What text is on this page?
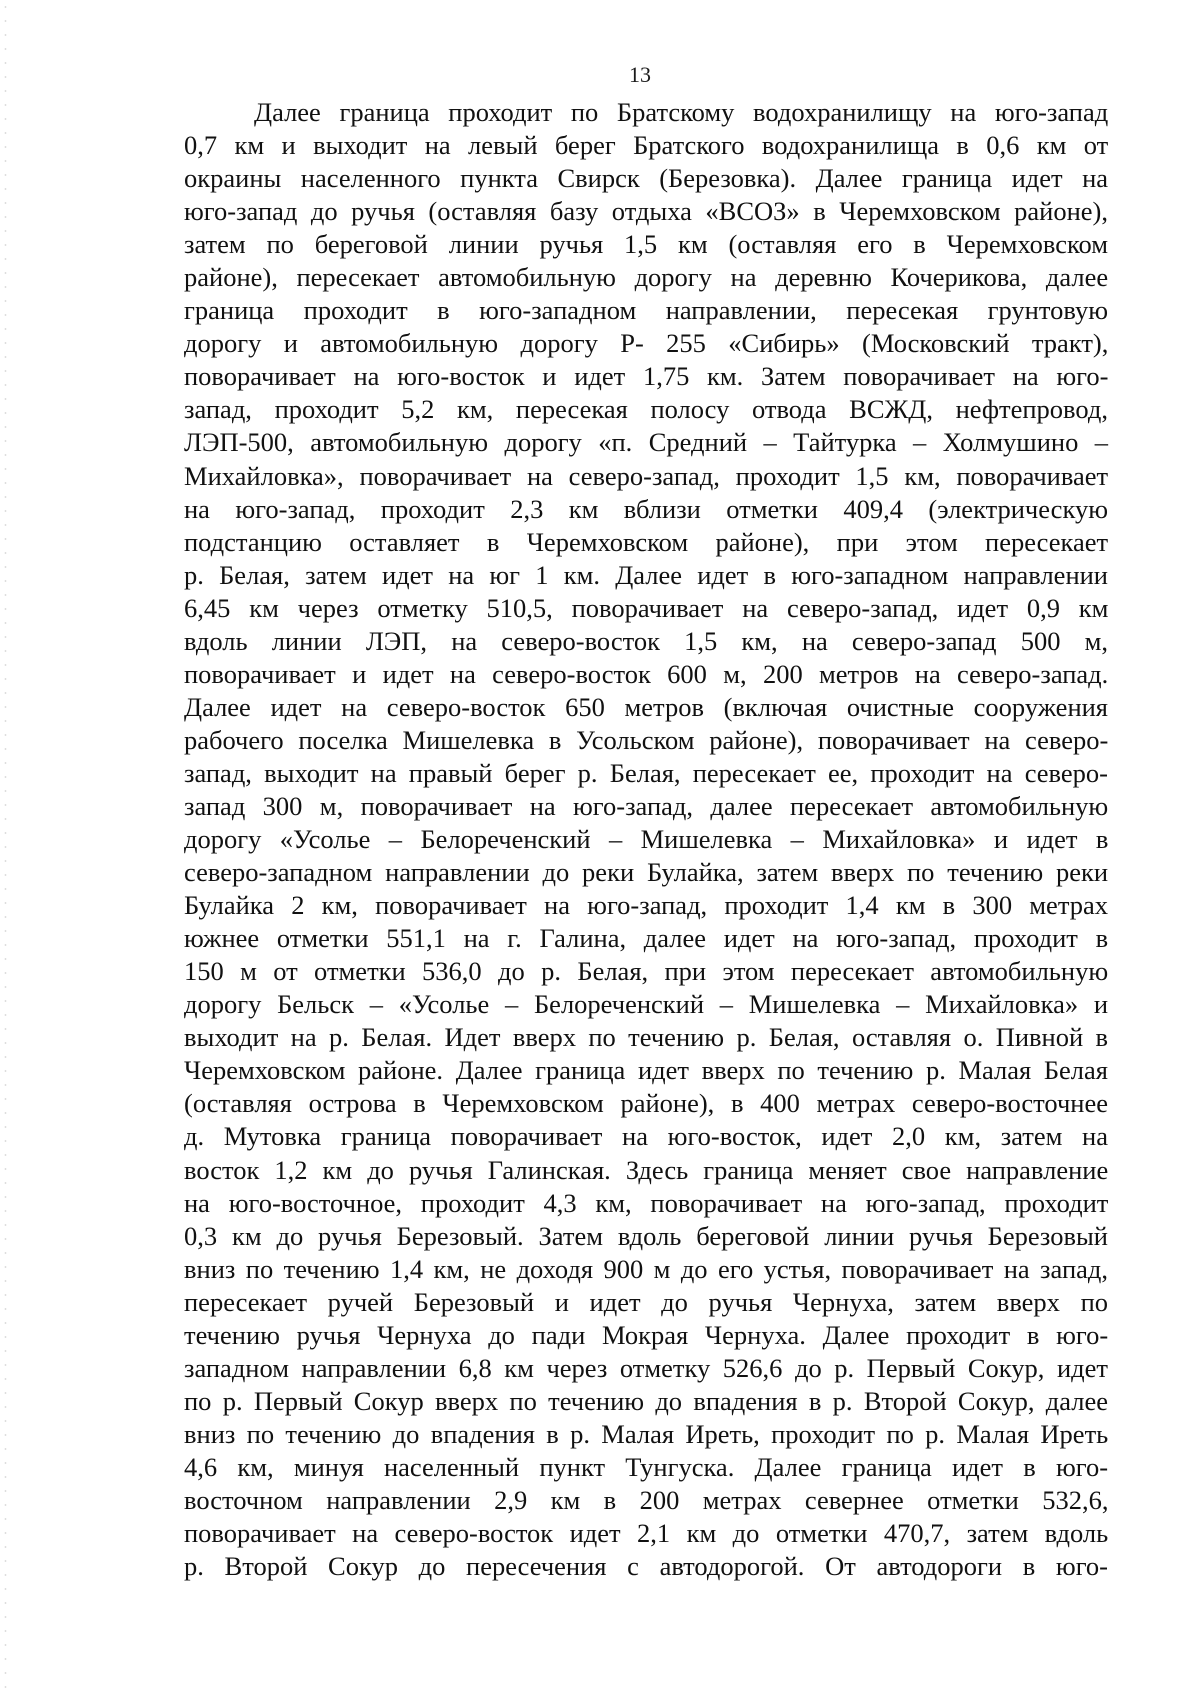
13
Далее граница проходит по Братскому водохранилищу на юго-запад
0,7 км и выходит на левый берег Братского водохранилища в 0,6 км от
окраины населенного пункта Свирск (Березовка). Далее граница идет на
юго-запад до ручья (оставляя базу отдыха «ВСОЗ» в Черемховском районе),
затем по береговой линии ручья 1,5 км (оставляя его в Черемховском
районе), пересекает автомобильную дорогу на деревню Кочерикова, далее
граница проходит в юго-западном направлении, пересекая грунтовую
дорогу и автомобильную дорогу Р- 255 «Сибирь» (Московский тракт),
поворачивает на юго-восток и идет 1,75 км. Затем поворачивает на юго-
запад, проходит 5,2 км, пересекая полосу отвода ВСЖД, нефтепровод,
ЛЭП-500, автомобильную дорогу «п. Средний – Тайтурка – Холмушино –
Михайловка», поворачивает на северо-запад, проходит 1,5 км, поворачивает
на юго-запад, проходит 2,3 км вблизи отметки 409,4 (электрическую
подстанцию оставляет в Черемховском районе), при этом пересекает
р. Белая, затем идет на юг 1 км. Далее идет в юго-западном направлении
6,45 км через отметку 510,5, поворачивает на северо-запад, идет 0,9 км
вдоль линии ЛЭП, на северо-восток 1,5 км, на северо-запад 500 м,
поворачивает и идет на северо-восток 600 м, 200 метров на северо-запад.
Далее идет на северо-восток 650 метров (включая очистные сооружения
рабочего поселка Мишелевка в Усольском районе), поворачивает на северо-
запад, выходит на правый берег р. Белая, пересекает ее, проходит на северо-
запад 300 м, поворачивает на юго-запад, далее пересекает автомобильную
дорогу «Усолье – Белореченский – Мишелевка – Михайловка» и идет в
северо-западном направлении до реки Булайка, затем вверх по течению реки
Булайка 2 км, поворачивает на юго-запад, проходит 1,4 км в 300 метрах
южнее отметки 551,1 на г. Галина, далее идет на юго-запад, проходит в
150 м от отметки 536,0 до р. Белая, при этом пересекает автомобильную
дорогу Бельск – «Усолье – Белореченский – Мишелевка – Михайловка» и
выходит на р. Белая. Идет вверх по течению р. Белая, оставляя о. Пивной в
Черемховском районе. Далее граница идет вверх по течению р. Малая Белая
(оставляя острова в Черемховском районе), в 400 метрах северо-восточнее
д. Мутовка граница поворачивает на юго-восток, идет 2,0 км, затем на
восток 1,2 км до ручья Галинская. Здесь граница меняет свое направление
на юго-восточное, проходит 4,3 км, поворачивает на юго-запад, проходит
0,3 км до ручья Березовый. Затем вдоль береговой линии ручья Березовый
вниз по течению 1,4 км, не доходя 900 м до его устья, поворачивает на запад,
пересекает ручей Березовый и идет до ручья Чернуха, затем вверх по
течению ручья Чернуха до пади Мокрая Чернуха. Далее проходит в юго-
западном направлении 6,8 км через отметку 526,6 до р. Первый Сокур, идет
по р. Первый Сокур вверх по течению до впадения в р. Второй Сокур, далее
вниз по течению до впадения в р. Малая Иреть, проходит по р. Малая Иреть
4,6 км, минуя населенный пункт Тунгуска. Далее граница идет в юго-
восточном направлении 2,9 км в 200 метрах севернее отметки 532,6,
поворачивает на северо-восток идет 2,1 км до отметки 470,7, затем вдоль
р. Второй Сокур до пересечения с автодорогой. От автодороги в юго-
